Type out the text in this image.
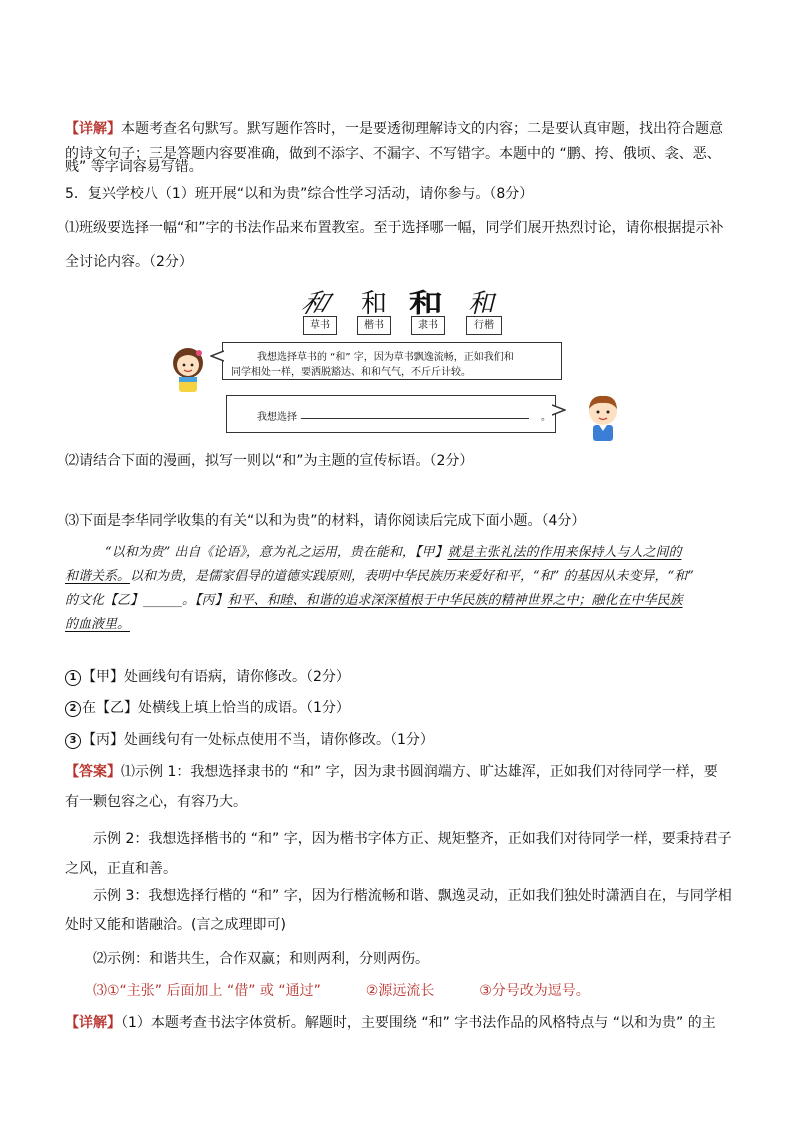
【详解】本题考查名句默写。默写题作答时，一是要透彻理解诗文的内容；二是要认真审题，找出符合题意
的诗文句子；三是答题内容要准确，做到不添字、不漏字、不写错字。本题中的 “鹏、挎、俄顷、衾、恶、
贱” 等字词容易写错。
5．复兴学校八（1）班开展“以和为贵”综合性学习活动，请你参与。（8分）
⑴班级要选择一幅“和”字的书法作品来布置教室。至于选择哪一幅，同学们展开热烈讨论，请你根据提示补
全讨论内容。（2分）
和 和 和 和
草书	楷书	隶书	行楷
我想选择草书的 “和” 字，因为草书飘逸流畅，正如我们和
同学相处一样，要洒脱豁达、和和气气，不斤斤计较。
我想选择	。
⑵请结合下面的漫画，拟写一则以“和”为主题的宣传标语。（2分）
⑶下面是李华同学收集的有关“以和为贵”的材料，请你阅读后完成下面小题。（4分）
“以和为贵” 出自《论语》，意为礼之运用，贵在能和，【甲】就是主张礼法的作用来保持人与人之间的
和谐关系。以和为贵，是儒家倡导的道德实践原则，表明中华民族历来爱好和平，“和” 的基因从未变异，“和”
的文化【乙】______。【丙】和平、和睦、和谐的追求深深植根于中华民族的精神世界之中；融化在中华民族
的血液里。
1 【甲】处画线句有语病，请你修改。（2分）
2 在【乙】处横线上填上恰当的成语。（1分）
3 【丙】处画线句有一处标点使用不当，请你修改。（1分）
【答案】⑴示例 1：我想选择隶书的 “和” 字，因为隶书圆润端方、旷达雄浑，正如我们对待同学一样，要
有一颗包容之心，有容乃大。
示例 2：我想选择楷书的 “和” 字，因为楷书字体方正、规矩整齐，正如我们对待同学一样，要秉持君子
之风，正直和善。
示例 3：我想选择行楷的 “和” 字，因为行楷流畅和谐、飘逸灵动，正如我们独处时潇洒自在，与同学相
处时又能和谐融洽。(言之成理即可)
⑵示例：和谐共生，合作双赢；和则两利，分则两伤。
⑶①“主张” 后面加上 “借” 或 “通过”	②源远流长	③分号改为逗号。
【详解】（1）本题考查书法字体赏析。解题时，主要围绕 “和” 字书法作品的风格特点与 “以和为贵” 的主
